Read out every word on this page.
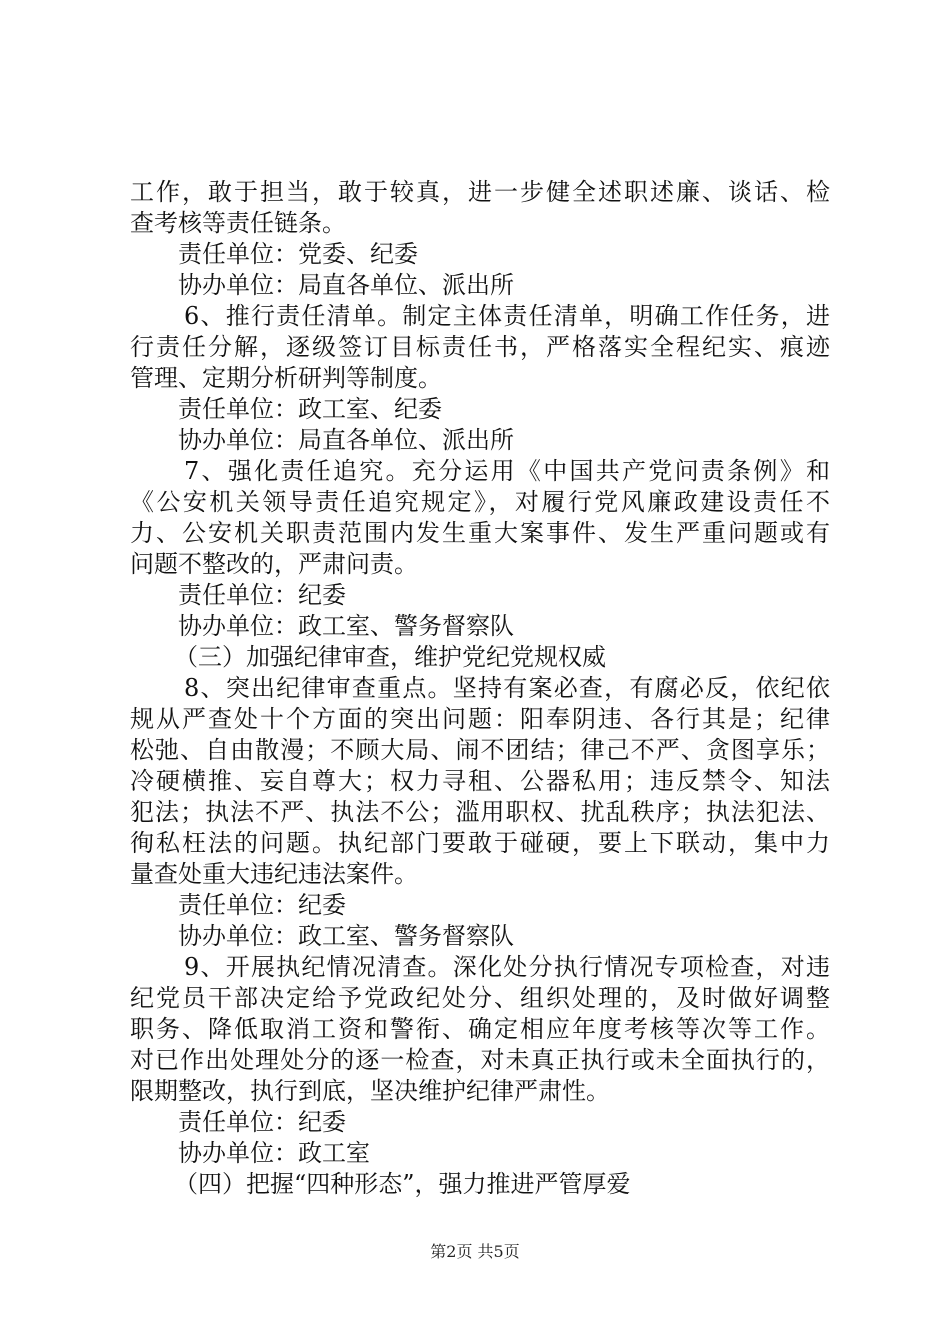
工作，敢于担当，敢于较真，进一步健全述职述廉、谈话、检
查考核等责任链条。
责任单位：党委、纪委
协办单位：局直各单位、派出所
6、推行责任清单。制定主体责任清单，明确工作任务，进
行责任分解，逐级签订目标责任书，严格落实全程纪实、痕迹
管理、定期分析研判等制度。
责任单位：政工室、纪委
协办单位：局直各单位、派出所
7、强化责任追究。充分运用《中国共产党问责条例》和
《公安机关领导责任追究规定》，对履行党风廉政建设责任不
力、公安机关职责范围内发生重大案事件、发生严重问题或有
问题不整改的，严肃问责。
责任单位：纪委
协办单位：政工室、警务督察队
（三）加强纪律审查，维护党纪党规权威
8、突出纪律审查重点。坚持有案必查，有腐必反，依纪依
规从严查处十个方面的突出问题：阳奉阴违、各行其是；纪律
松弛、自由散漫；不顾大局、闹不团结；律己不严、贪图享乐；
冷硬横推、妄自尊大；权力寻租、公器私用；违反禁令、知法
犯法；执法不严、执法不公；滥用职权、扰乱秩序；执法犯法、
徇私枉法的问题。执纪部门要敢于碰硬，要上下联动，集中力
量查处重大违纪违法案件。
责任单位：纪委
协办单位：政工室、警务督察队
9、开展执纪情况清查。深化处分执行情况专项检查，对违
纪党员干部决定给予党政纪处分、组织处理的，及时做好调整
职务、降低取消工资和警衔、确定相应年度考核等次等工作。
对已作出处理处分的逐一检查，对未真正执行或未全面执行的，
限期整改，执行到底，坚决维护纪律严肃性。
责任单位：纪委
协办单位：政工室
（四）把握“四种形态”，强力推进严管厚爱
第2页 共5页
